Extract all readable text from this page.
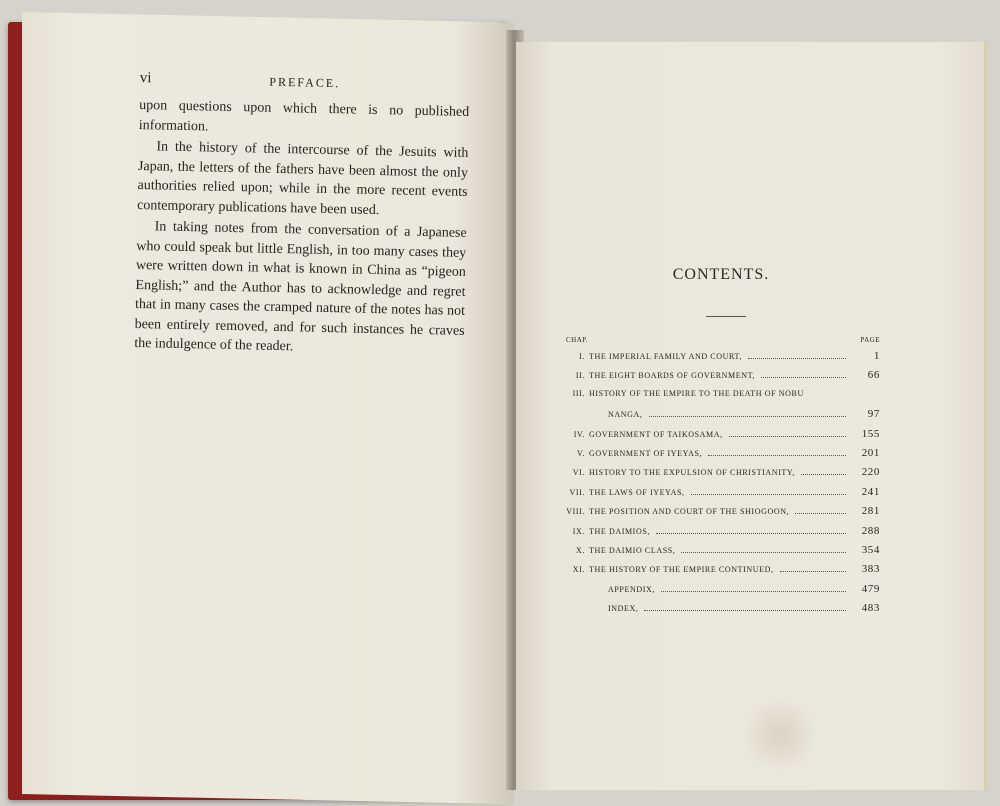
vi	PREFACE.

upon questions upon which there is no published information.

In the history of the intercourse of the Jesuits with Japan, the letters of the fathers have been almost the only authorities relied upon; while in the more recent events contemporary publications have been used.

In taking notes from the conversation of a Japanese who could speak but little English, in too many cases they were written down in what is known in China as “pigeon English;” and the Author has to acknowledge and regret that in many cases the cramped nature of the notes has not been entirely removed, and for such instances he craves the indulgence of the reader.

CONTENTS.
CHAP.	PAGE
I. THE IMPERIAL FAMILY AND COURT,	1
II. THE EIGHT BOARDS OF GOVERNMENT,	66
III. HISTORY OF THE EMPIRE TO THE DEATH OF NOBU
NANGA,	97
IV. GOVERNMENT OF TAIKOSAMA,	155
V. GOVERNMENT OF IYEYAS,	201
VI. HISTORY TO THE EXPULSION OF CHRISTIANITY,	220
VII. THE LAWS OF IYEYAS,	241
VIII. THE POSITION AND COURT OF THE SHIOGOON,	281
IX. THE DAIMIOS,	288
X. THE DAIMIO CLASS,	354
XI. THE HISTORY OF THE EMPIRE CONTINUED,	383
APPENDIX,	479
INDEX,	483
